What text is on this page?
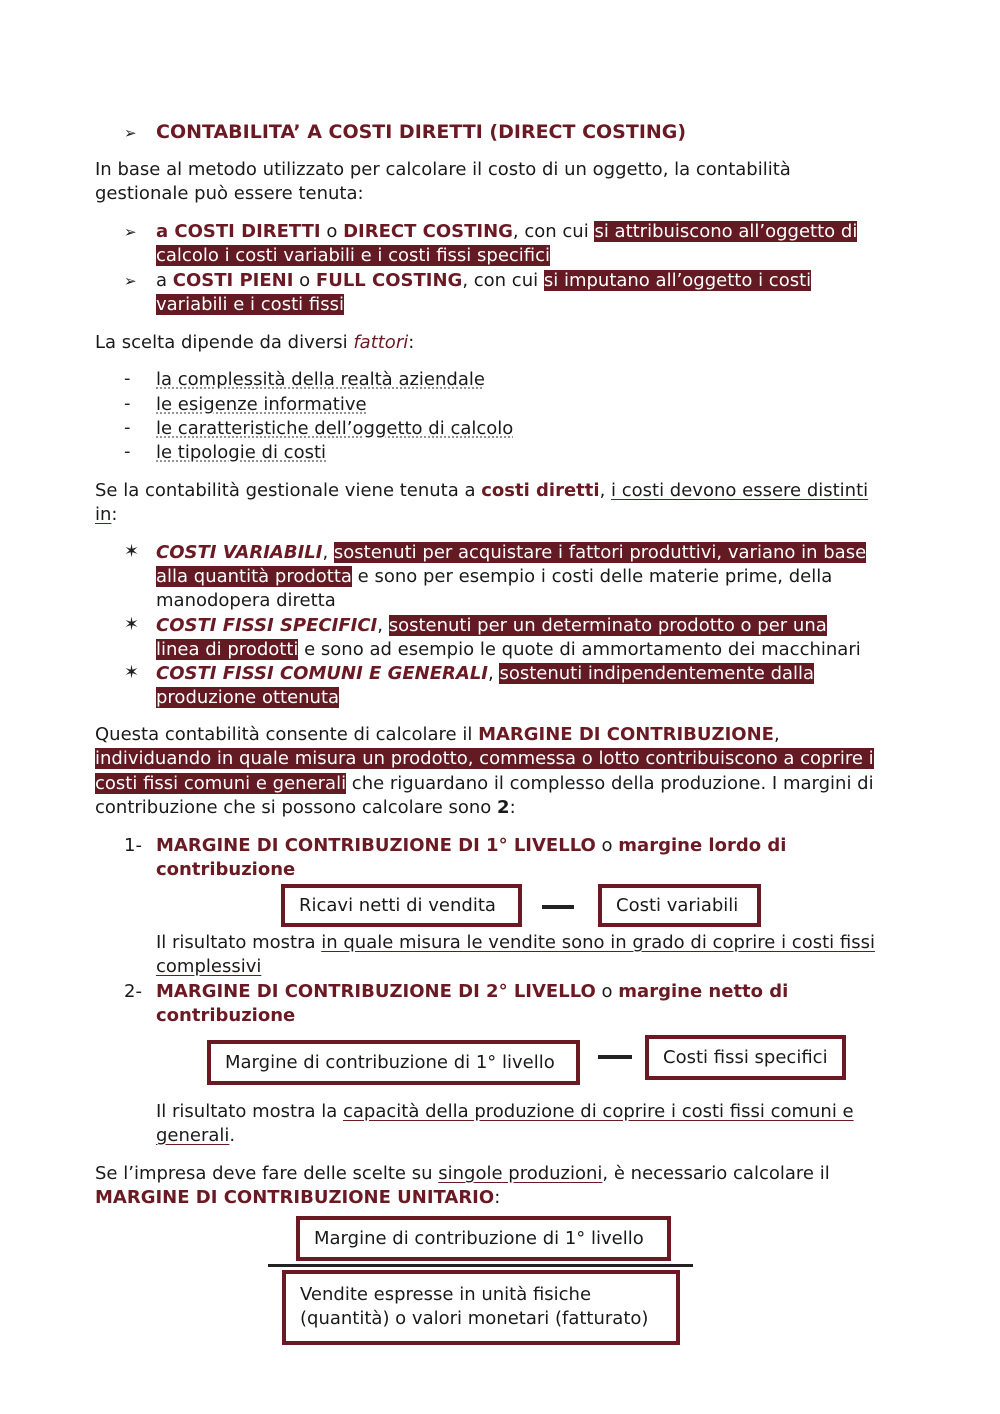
➢ CONTABILITA’ A COSTI DIRETTI (DIRECT COSTING)
In base al metodo utilizzato per calcolare il costo di un oggetto, la contabilità
gestionale può essere tenuta:
➢ a COSTI DIRETTI o DIRECT COSTING, con cui si attribuiscono all’oggetto di
calcolo i costi variabili e i costi fissi specifici
➢ a COSTI PIENI o FULL COSTING, con cui si imputano all’oggetto i costi
variabili e i costi fissi
La scelta dipende da diversi fattori:
- la complessità della realtà aziendale
- le esigenze informative
- le caratteristiche dell’oggetto di calcolo
- le tipologie di costi
Se la contabilità gestionale viene tenuta a costi diretti, i costi devono essere distinti
in:
✶ COSTI VARIABILI, sostenuti per acquistare i fattori produttivi, variano in base
alla quantità prodotta e sono per esempio i costi delle materie prime, della
manodopera diretta
✶ COSTI FISSI SPECIFICI, sostenuti per un determinato prodotto o per una
linea di prodotti e sono ad esempio le quote di ammortamento dei macchinari
✶ COSTI FISSI COMUNI E GENERALI, sostenuti indipendentemente dalla
produzione ottenuta
Questa contabilità consente di calcolare il MARGINE DI CONTRIBUZIONE,
individuando in quale misura un prodotto, commessa o lotto contribuiscono a coprire i
costi fissi comuni e generali che riguardano il complesso della produzione. I margini di
contribuzione che si possono calcolare sono 2:
1- MARGINE DI CONTRIBUZIONE DI 1° LIVELLO o margine lordo di
contribuzione
Ricavi netti di vendita	Costi variabili
Il risultato mostra in quale misura le vendite sono in grado di coprire i costi fissi
complessivi
2- MARGINE DI CONTRIBUZIONE DI 2° LIVELLO o margine netto di
contribuzione
Margine di contribuzione di 1° livello	Costi fissi specifici
Il risultato mostra la capacità della produzione di coprire i costi fissi comuni e
generali.
Se l’impresa deve fare delle scelte su singole produzioni, è necessario calcolare il
MARGINE DI CONTRIBUZIONE UNITARIO:
Margine di contribuzione di 1° livello
Vendite espresse in unità fisiche
(quantità) o valori monetari (fatturato)
